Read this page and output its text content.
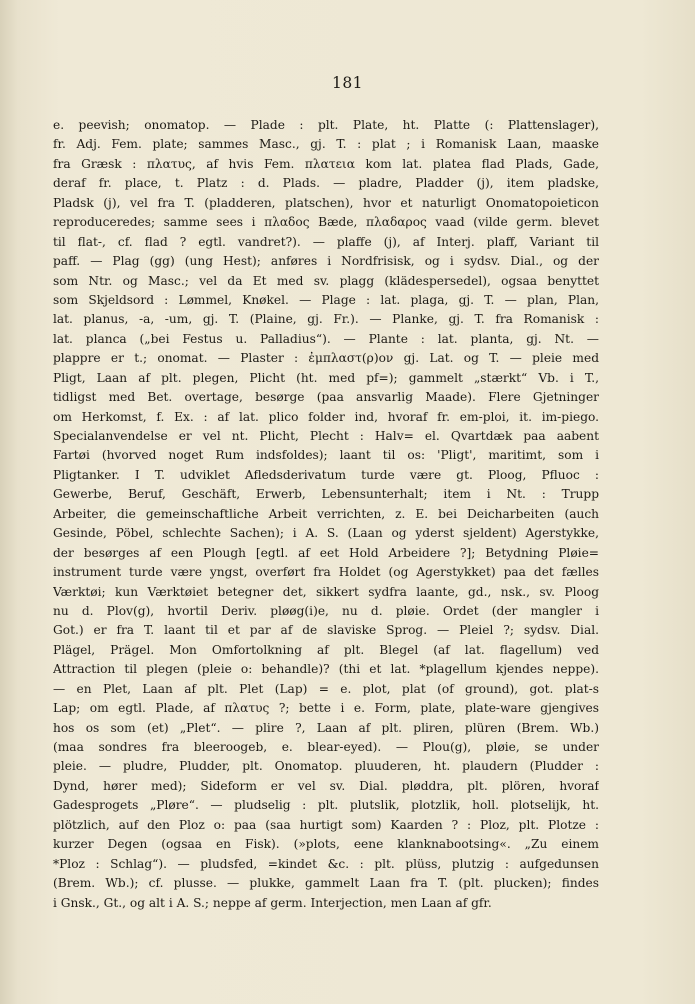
181
e. peevish; onomatop. — Plade : plt. Plate, ht. Platte (: Plattenslager),
fr. Adj. Fem. plate; sammes Masc., gj. T. : plat ; i Romanisk Laan, maaske
fra Græsk : πλατυς, af hvis Fem. πλατεια kom lat. platea flad Plads, Gade,
deraf fr. place, t. Platz : d. Plads. — pladre, Pladder (j), item pladske,
Pladsk (j), vel fra T. (pladderen, platschen), hvor et naturligt Onomatopoieticon
reproduceredes; samme sees i πλαδος Bæde, πλαδαρος vaad (vilde germ. blevet
til flat-, cf. flad ? egtl. vandret?). — plaffe (j), af Interj. plaff, Variant til
paff. — Plag (gg) (ung Hest); anføres i Nordfrisisk, og i sydsv. Dial., og der
som Ntr. og Masc.; vel da Et med sv. plagg (klädespersedel), ogsaa benyttet
som Skjeldsord : Lømmel, Knøkel. — Plage : lat. plaga, gj. T. — plan, Plan,
lat. planus, -a, -um, gj. T. (Plaine, gj. Fr.). — Planke, gj. T. fra Romanisk :
lat. planca („bei Festus u. Palladius“). — Plante : lat. planta, gj. Nt. —
plappre er t.; onomat. — Plaster : ἐμπλαστ(ρ)ον gj. Lat. og T. — pleie med
Pligt, Laan af plt. plegen, Plicht (ht. med pf=); gammelt „stærkt“ Vb. i T.,
tidligst med Bet. overtage, besørge (paa ansvarlig Maade). Flere Gjetninger
om Herkomst, f. Ex. : af lat. plico folder ind, hvoraf fr. em-ploi, it. im-piego.
Specialanvendelse er vel nt. Plicht, Plecht : Halv= el. Qvartdæk paa aabent
Fartøi (hvorved noget Rum indsfoldes); laant til os: 'Pligt', maritimt, som i
Pligtanker. I T. udviklet Afledsderivatum turde være gt. Ploog, Pfluoc :
Gewerbe, Beruf, Geschäft, Erwerb, Lebensunterhalt; item i Nt. : Trupp
Arbeiter, die gemeinschaftliche Arbeit verrichten, z. E. bei Deicharbeiten (auch
Gesinde, Pöbel, schlechte Sachen); i A. S. (Laan og yderst sjeldent) Agerstykke,
der besørges af een Plough [egtl. af eet Hold Arbeidere ?]; Betydning Pløie=
instrument turde være yngst, overført fra Holdet (og Agerstykket) paa det fælles
Værktøi; kun Værktøiet betegner det, sikkert sydfra laante, gd., nsk., sv. Ploog
nu d. Plov(g), hvortil Deriv. pløøg(i)e, nu d. pløie. Ordet (der mangler i
Got.) er fra T. laant til et par af de slaviske Sprog. — Pleiel ?; sydsv. Dial.
Plägel, Prägel. Mon Omfortolkning af plt. Blegel (af lat. flagellum) ved
Attraction til plegen (pleie o: behandle)? (thi et lat. *plagellum kjendes neppe).
— en Plet, Laan af plt. Plet (Lap) = e. plot, plat (of ground), got. plat-s
Lap; om egtl. Plade, af πλατυς ?; bette i e. Form, plate, plate-ware gjengives
hos os som (et) „Plet“. — plire ?, Laan af plt. pliren, plüren (Brem. Wb.)
(maa sondres fra bleeroogeb, e. blear-eyed). — Plou(g), pløie, se under
pleie. — pludre, Pludder, plt. Onomatop. pluuderen, ht. plaudern (Pludder :
Dynd, hører med); Sideform er vel sv. Dial. pløddra, plt. plören, hvoraf
Gadesprogets „Pløre“. — pludselig : plt. plutslik, plotzlik, holl. plotselijk, ht.
plötzlich, auf den Ploz o: paa (saa hurtigt som) Kaarden ? : Ploz, plt. Plotze :
kurzer Degen (ogsaa en Fisk). (»plots, eene klanknabootsing«. „Zu einem
*Ploz : Schlag“). — pludsfed, =kindet &c. : plt. plüss, plutzig : aufgedunsen
(Brem. Wb.); cf. plusse. — plukke, gammelt Laan fra T. (plt. plucken); findes
i Gnsk., Gt., og alt i A. S.; neppe af germ. Interjection, men Laan af gfr.
